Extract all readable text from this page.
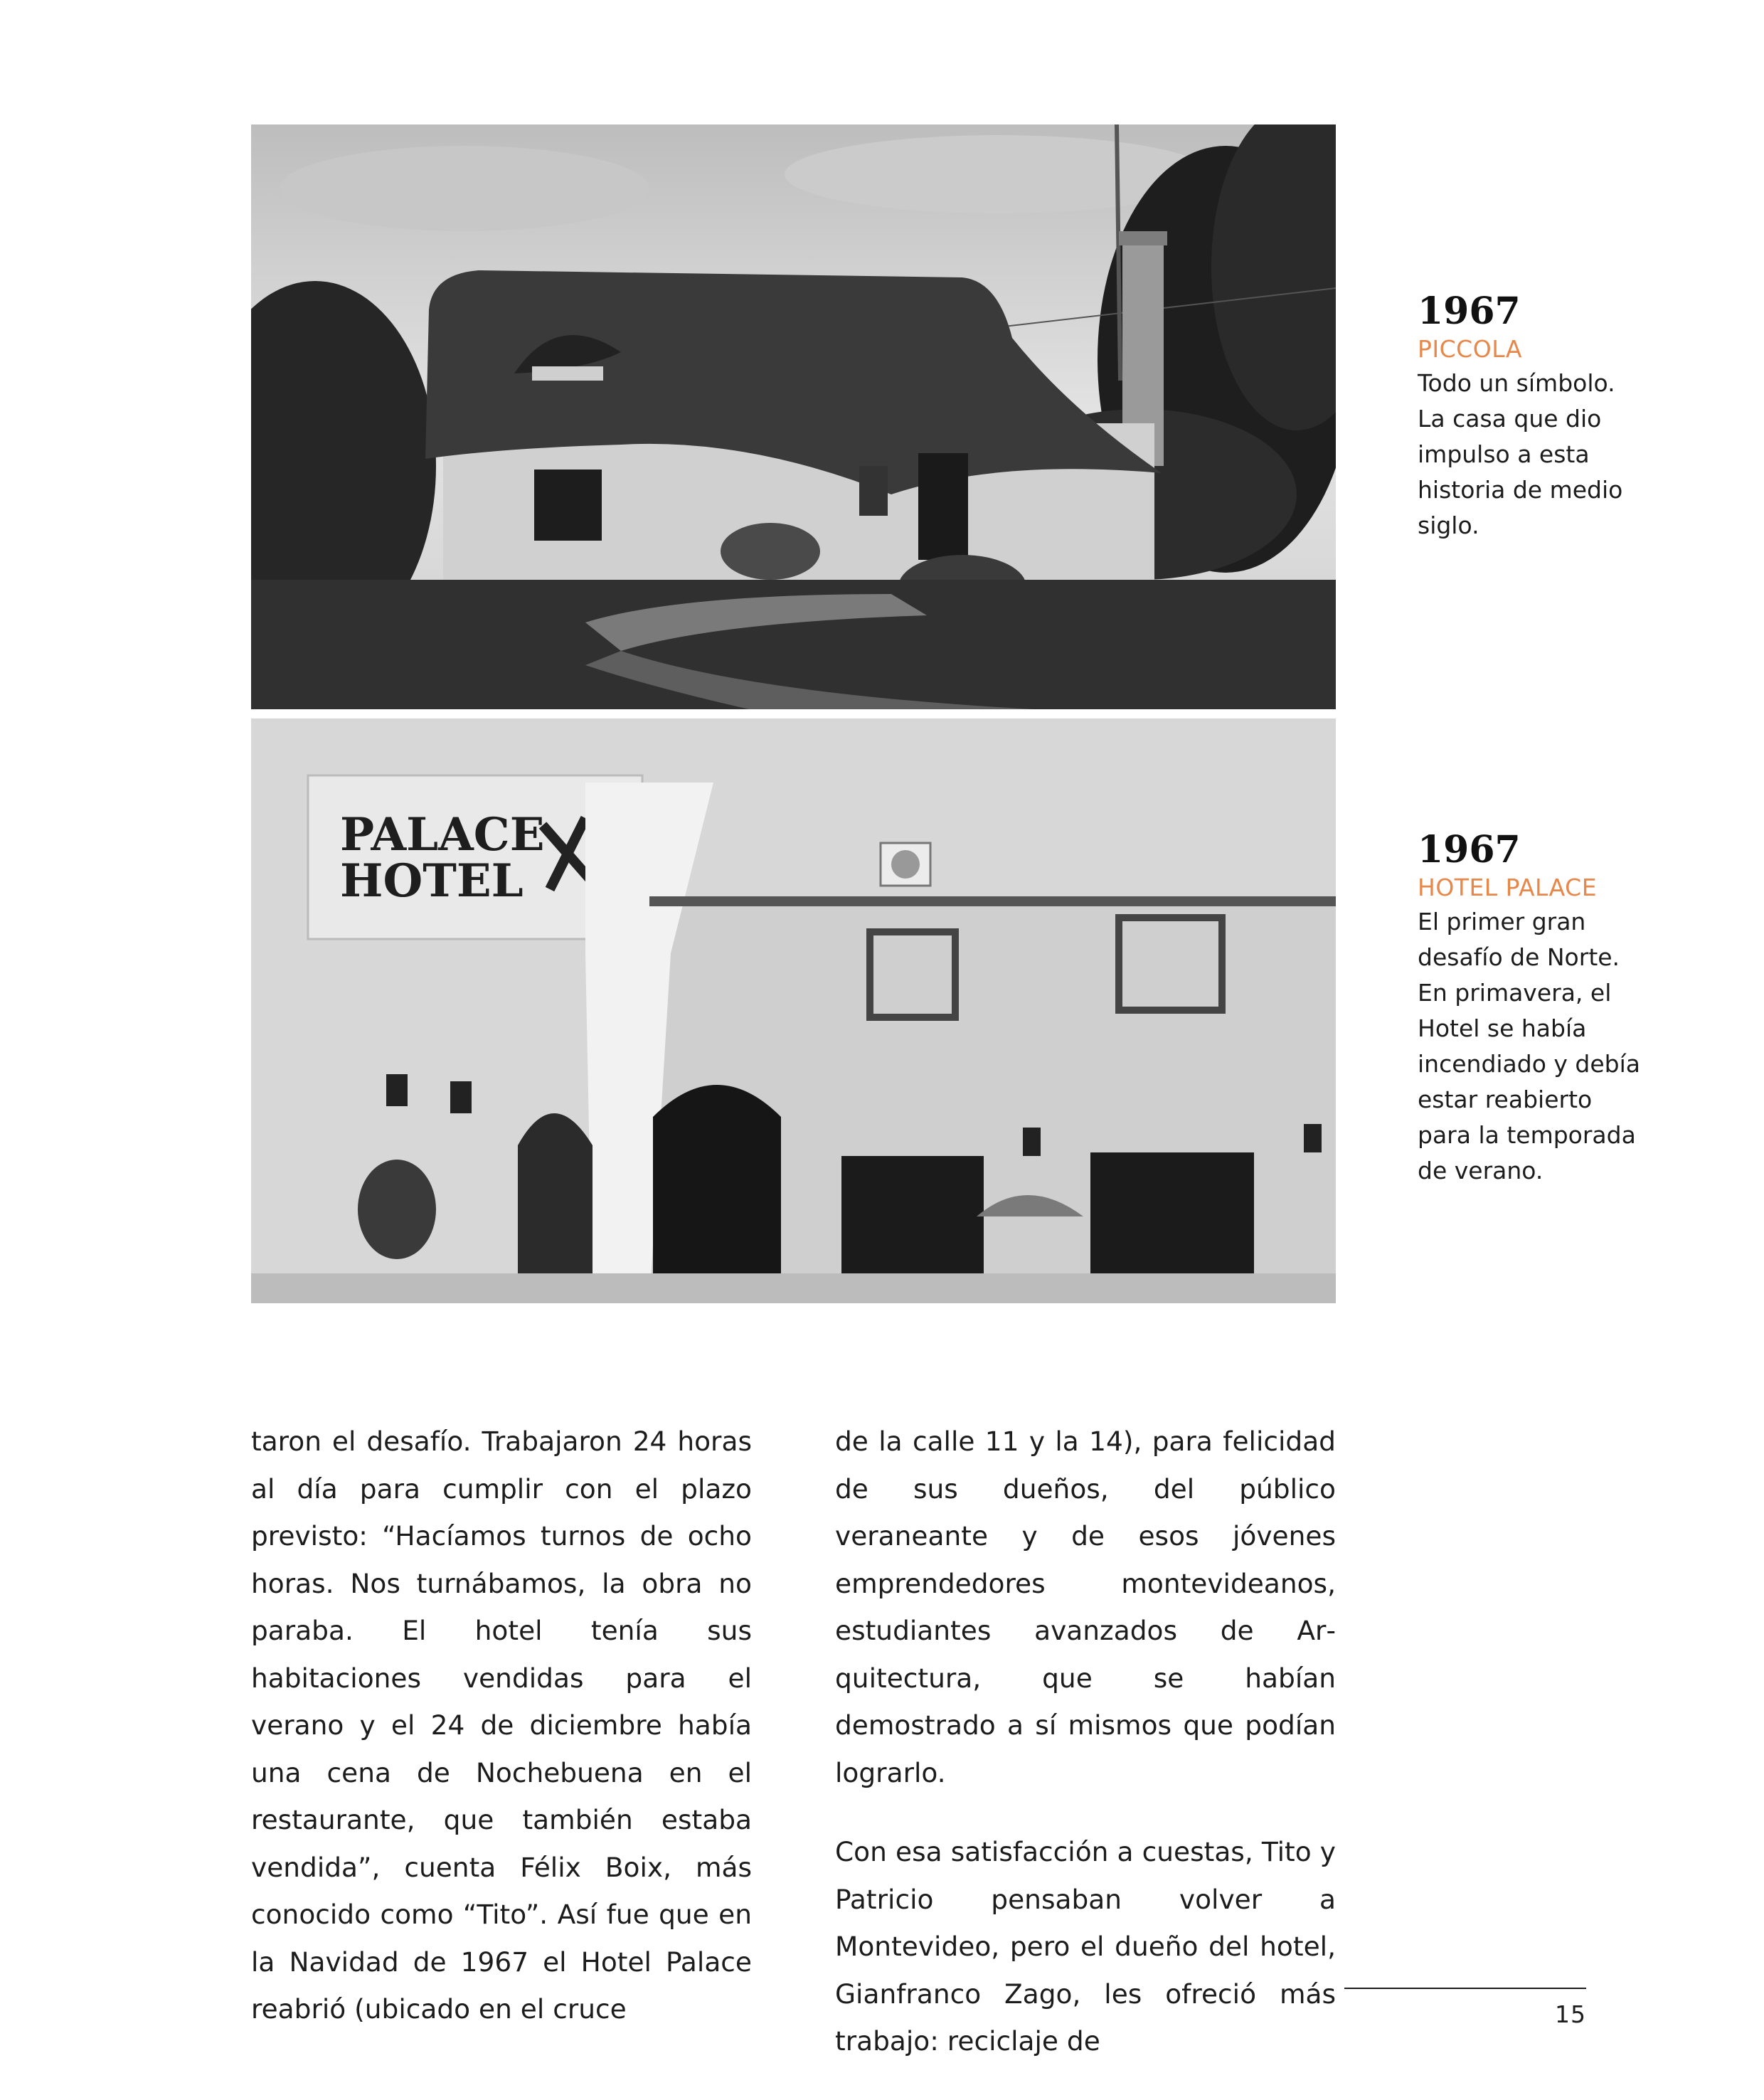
PALACE
HOTEL
1967
PICCOLA
Todo un símbolo.
La casa que dio
impulso a esta
historia de medio
siglo.
1967
HOTEL PALACE
El primer gran
desafío de Norte.
En primavera, el
Hotel se había
incendiado y debía
estar reabierto
para la temporada
de verano.

taron el desafío. Trabajaron 24 horas al día para cumplir con el plazo previsto: “Hacíamos turnos de ocho horas. Nos turnábamos, la obra no paraba. El hotel tenía sus habitaciones vendidas para el verano y el 24 de diciembre había una cena de Nochebuena en el restaurante, que también estaba vendida”, cuenta Félix Boix, más conocido como “Tito”. Así fue que en la Navidad de 1967 el Hotel Palace reabrió (ubicado en el cruce

de la calle 11 y la 14), para felicidad de sus dueños, del público veraneante y de esos jóvenes emprendedores montevideanos, estudiantes avanzados de Arquitectura, que se habían demostrado a sí mismos que podían lograrlo.

Con esa satisfacción a cuestas, Tito y Patricio pensaban volver a Montevideo, pero el dueño del hotel, Gianfranco Zago, les ofreció más trabajo: reciclaje de

15
